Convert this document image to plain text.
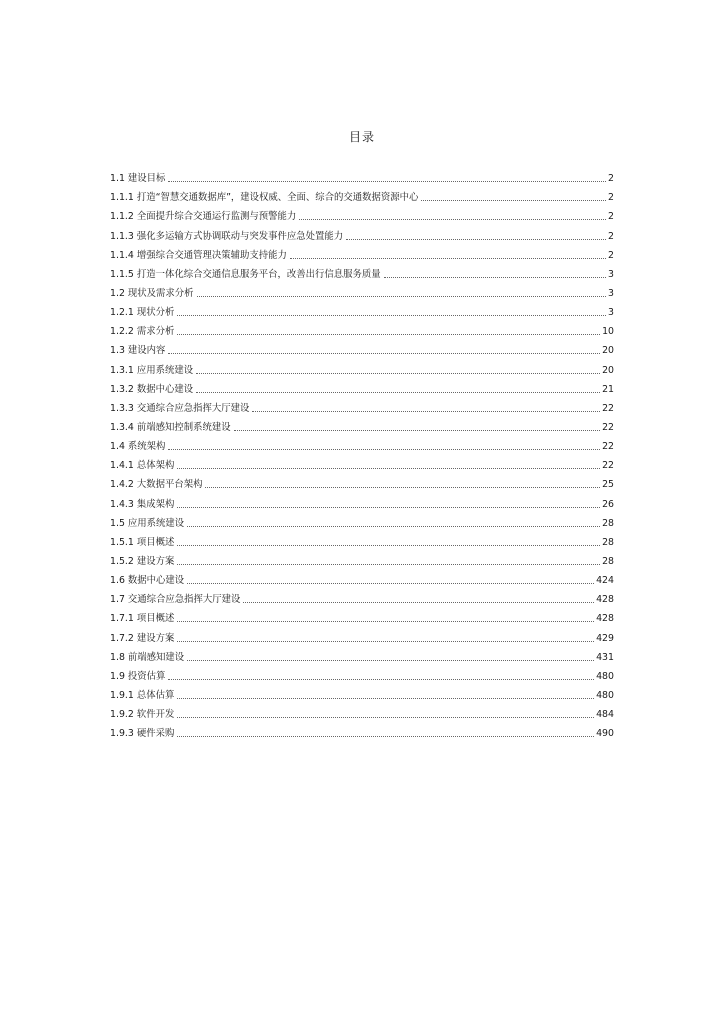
目录
1.1 建设目标	2
1.1.1 打造“智慧交通数据库”，建设权威、全面、综合的交通数据资源中心	2
1.1.2 全面提升综合交通运行监测与预警能力	2
1.1.3 强化多运输方式协调联动与突发事件应急处置能力	2
1.1.4 增强综合交通管理决策辅助支持能力	2
1.1.5 打造一体化综合交通信息服务平台，改善出行信息服务质量	3
1.2 现状及需求分析	3
1.2.1 现状分析	3
1.2.2 需求分析	10
1.3 建设内容	20
1.3.1 应用系统建设	20
1.3.2 数据中心建设	21
1.3.3 交通综合应急指挥大厅建设	22
1.3.4 前端感知控制系统建设	22
1.4 系统架构	22
1.4.1 总体架构	22
1.4.2 大数据平台架构	25
1.4.3 集成架构	26
1.5 应用系统建设	28
1.5.1 项目概述	28
1.5.2 建设方案	28
1.6 数据中心建设	424
1.7 交通综合应急指挥大厅建设	428
1.7.1 项目概述	428
1.7.2 建设方案	429
1.8 前端感知建设	431
1.9 投资估算	480
1.9.1 总体估算	480
1.9.2 软件开发	484
1.9.3 硬件采购	490
